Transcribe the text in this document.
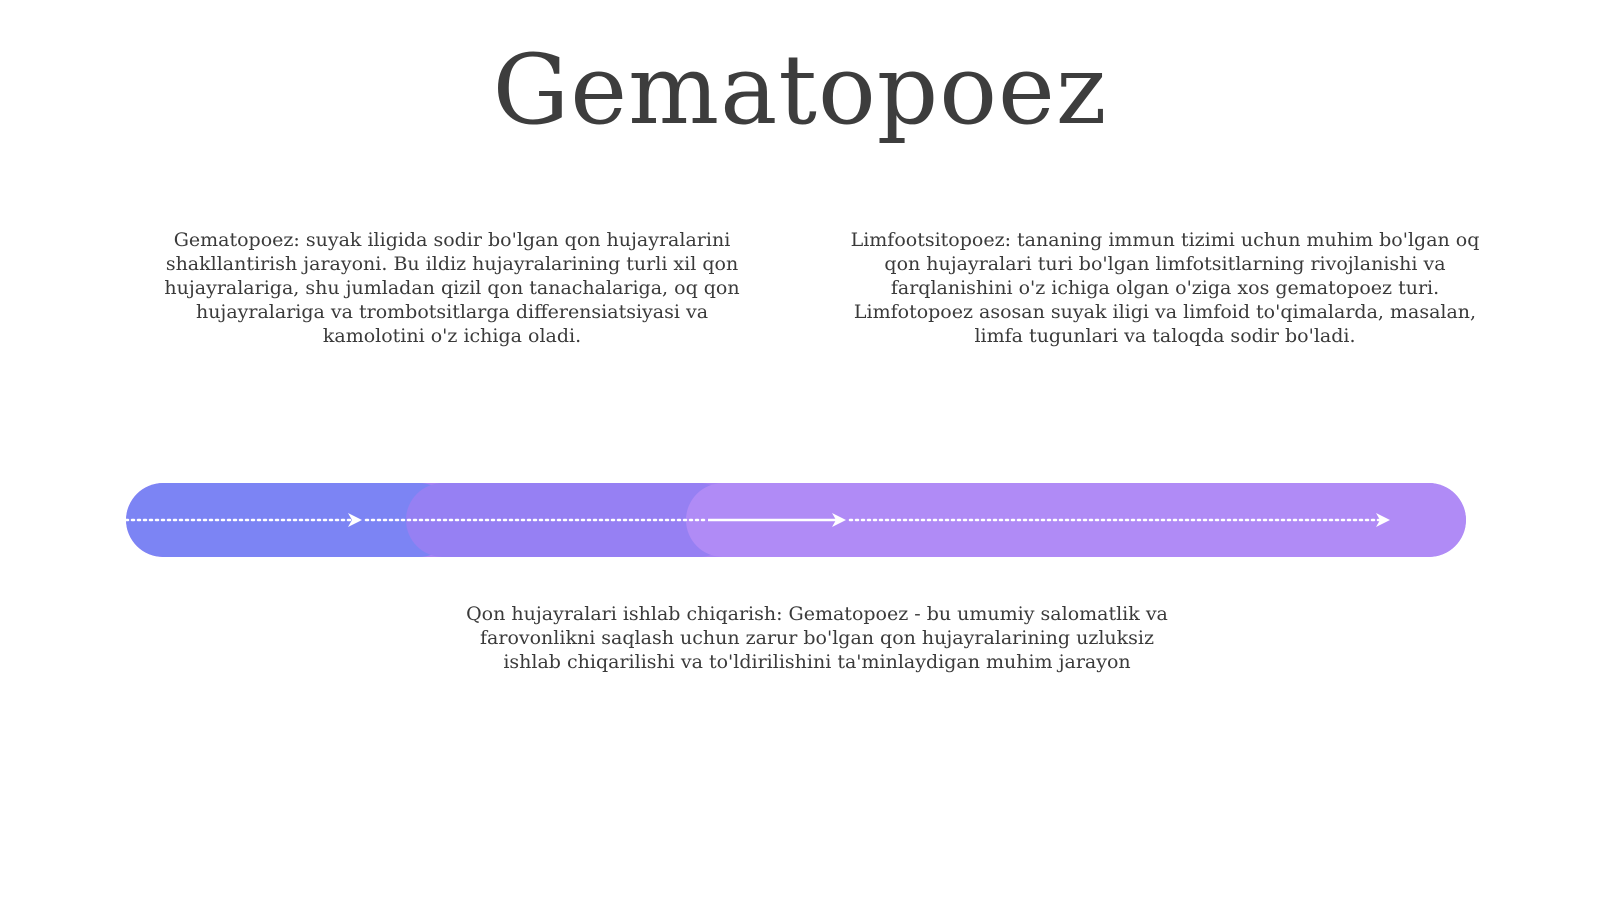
Gematopoez

Gematopoez: suyak iligida sodir bo'lgan qon hujayralarini shakllantirish jarayoni. Bu ildiz hujayralarining turli xil qon hujayralariga, shu jumladan qizil qon tanachalariga, oq qon hujayralariga va trombotsitlarga differensiatsiyasi va kamolotini o'z ichiga oladi.

Limfootsitopoez: tananing immun tizimi uchun muhim bo'lgan oq qon hujayralari turi bo'lgan limfotsitlarning rivojlanishi va farqlanishini o'z ichiga olgan o'ziga xos gematopoez turi. Limfotopoez asosan suyak iligi va limfoid to'qimalarda, masalan, limfa tugunlari va taloqda sodir bo'ladi.

Qon hujayralari ishlab chiqarish: Gematopoez - bu umumiy salomatlik va farovonlikni saqlash uchun zarur bo'lgan qon hujayralarining uzluksiz ishlab chiqarilishi va to'ldirilishini ta'minlaydigan muhim jarayon
